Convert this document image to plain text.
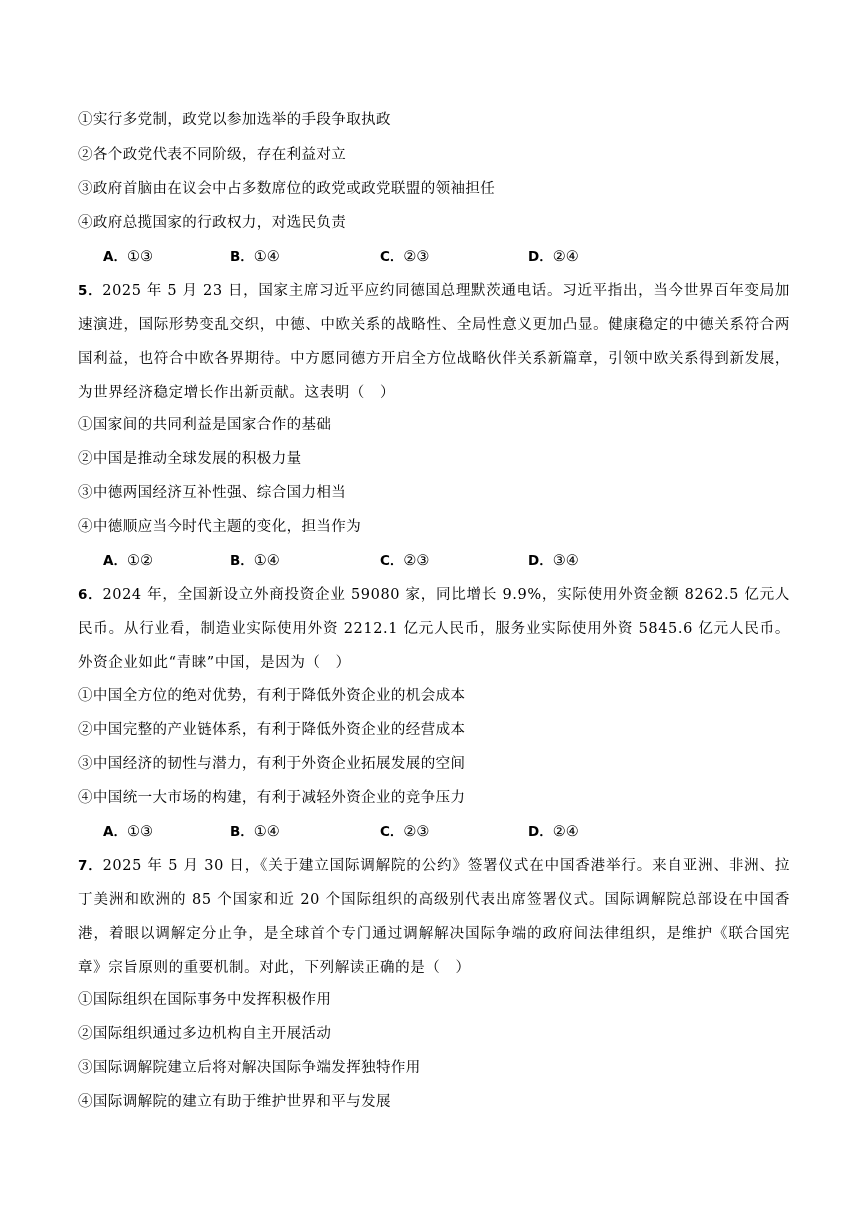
①实行多党制，政党以参加选举的手段争取执政
②各个政党代表不同阶级，存在利益对立
③政府首脑由在议会中占多数席位的政党或政党联盟的领袖担任
④政府总揽国家的行政权力，对选民负责
A．①③	B．①④	C．②③	D．②④
5．2025 年 5 月 23 日，国家主席习近平应约同德国总理默茨通电话。习近平指出，当今世界百年变局加速演进，国际形势变乱交织，中德、中欧关系的战略性、全局性意义更加凸显。健康稳定的中德关系符合两国利益，也符合中欧各界期待。中方愿同德方开启全方位战略伙伴关系新篇章，引领中欧关系得到新发展，为世界经济稳定增长作出新贡献。这表明（　）
①国家间的共同利益是国家合作的基础
②中国是推动全球发展的积极力量
③中德两国经济互补性强、综合国力相当
④中德顺应当今时代主题的变化，担当作为
A．①②	B．①④	C．②③	D．③④
6．2024 年，全国新设立外商投资企业 59080 家，同比增长 9.9%，实际使用外资金额 8262.5 亿元人民币。从行业看，制造业实际使用外资 2212.1 亿元人民币，服务业实际使用外资 5845.6 亿元人民币。外资企业如此“青睐”中国，是因为（　）
①中国全方位的绝对优势，有利于降低外资企业的机会成本
②中国完整的产业链体系，有利于降低外资企业的经营成本
③中国经济的韧性与潜力，有利于外资企业拓展发展的空间
④中国统一大市场的构建，有利于减轻外资企业的竞争压力
A．①③	B．①④	C．②③	D．②④
7．2025 年 5 月 30 日，《关于建立国际调解院的公约》签署仪式在中国香港举行。来自亚洲、非洲、拉丁美洲和欧洲的 85 个国家和近 20 个国际组织的高级别代表出席签署仪式。国际调解院总部设在中国香港，着眼以调解定分止争，是全球首个专门通过调解解决国际争端的政府间法律组织，是维护《联合国宪章》宗旨原则的重要机制。对此，下列解读正确的是（　）
①国际组织在国际事务中发挥积极作用
②国际组织通过多边机构自主开展活动
③国际调解院建立后将对解决国际争端发挥独特作用
④国际调解院的建立有助于维护世界和平与发展
